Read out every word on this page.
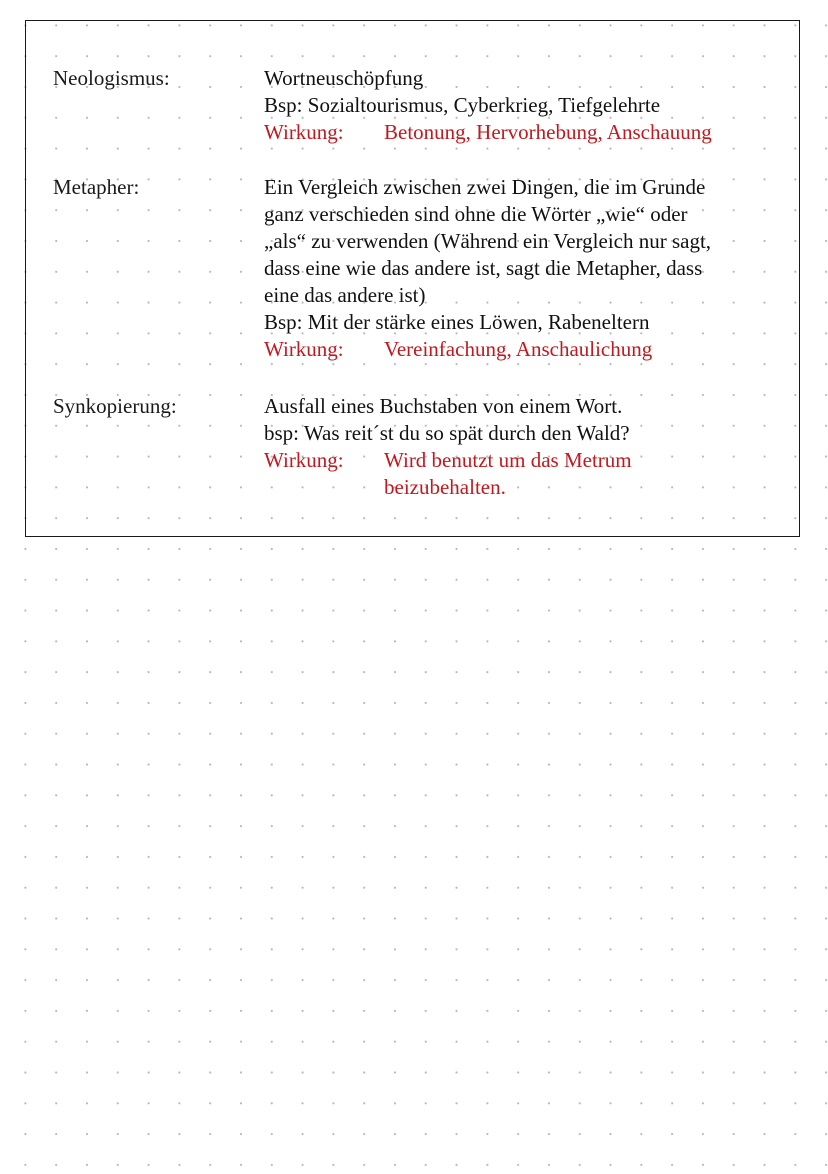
Neologismus:	Wortneuschöpfung
Bsp: Sozialtourismus, Cyberkrieg, Tiefgelehrte
Wirkung:	Betonung, Hervorhebung, Anschauung
Metapher:	Ein Vergleich zwischen zwei Dingen, die im Grunde
ganz verschieden sind ohne die Wörter „wie“ oder
„als“ zu verwenden (Während ein Vergleich nur sagt,
dass eine wie das andere ist, sagt die Metapher, dass
eine das andere ist)
Bsp: Mit der stärke eines Löwen, Rabeneltern
Wirkung:	Vereinfachung, Anschaulichung
Synkopierung:	Ausfall eines Buchstaben von einem Wort.
bsp: Was reit´st du so spät durch den Wald?
Wirkung:	Wird benutzt um das Metrum
beizubehalten.
